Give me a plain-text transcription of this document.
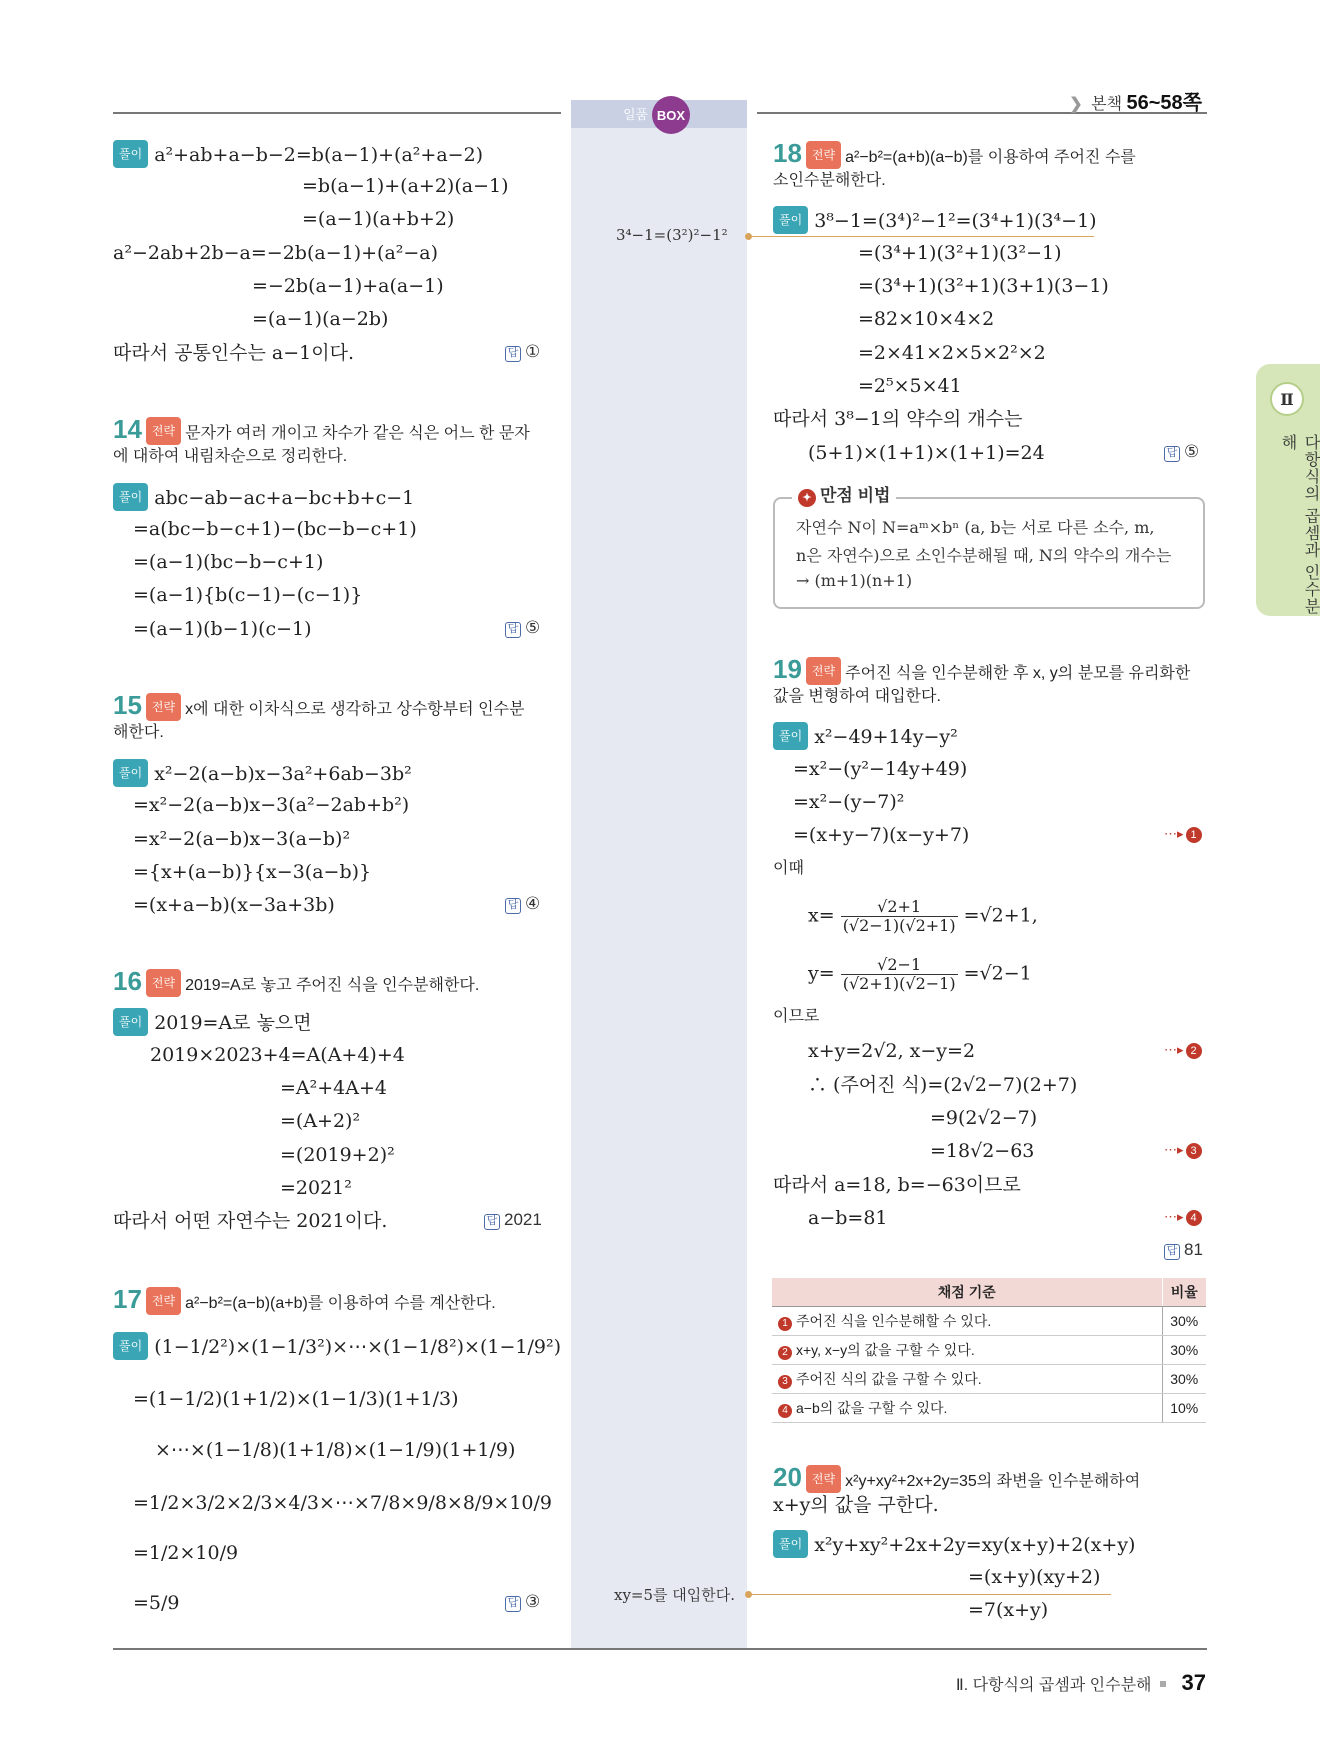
일품 BOX
❯ 본책 56~58쪽
Ⅱ
다항식의 곱셈과 인수분해
풀이 a²+ab+a−b−2=b(a−1)+(a²+a−2)
=b(a−1)+(a+2)(a−1)
=(a−1)(a+b+2)
a²−2ab+2b−a=−2b(a−1)+(a²−a)
=−2b(a−1)+a(a−1)
=(a−1)(a−2b)
따라서 공통인수는 a−1이다.	답 ①
14 전략 문자가 여러 개이고 차수가 같은 식은 어느 한 문자
에 대하여 내림차순으로 정리한다.
풀이 abc−ab−ac+a−bc+b+c−1
=a(bc−b−c+1)−(bc−b−c+1)
=(a−1)(bc−b−c+1)
=(a−1){b(c−1)−(c−1)}
=(a−1)(b−1)(c−1)	답 ⑤
15 전략 x에 대한 이차식으로 생각하고 상수항부터 인수분
해한다.
풀이 x²−2(a−b)x−3a²+6ab−3b²
=x²−2(a−b)x−3(a²−2ab+b²)
=x²−2(a−b)x−3(a−b)²
={x+(a−b)}{x−3(a−b)}
=(x+a−b)(x−3a+3b)	답 ④
16 전략 2019=A로 놓고 주어진 식을 인수분해한다.
풀이 2019=A로 놓으면
2019×2023+4=A(A+4)+4
=A²+4A+4
=(A+2)²
=(2019+2)²
=2021²
따라서 어떤 자연수는 2021이다.	답 2021
17 전략 a²−b²=(a−b)(a+b)를 이용하여 수를 계산한다.
풀이 (1−1/2²)×(1−1/3²)×⋯×(1−1/8²)×(1−1/9²)
=(1−1/2)(1+1/2)×(1−1/3)(1+1/3)
×⋯×(1−1/8)(1+1/8)×(1−1/9)(1+1/9)
=1/2×3/2×2/3×4/3×⋯×7/8×9/8×8/9×10/9
=1/2×10/9
=5/9	답 ③
3⁴−1=(3²)²−1²
xy=5를 대입한다.
18 전략 a²−b²=(a+b)(a−b)를 이용하여 주어진 수를
소인수분해한다.
풀이 3⁸−1=(3⁴)²−1²=(3⁴+1)(3⁴−1)
=(3⁴+1)(3²+1)(3²−1)
=(3⁴+1)(3²+1)(3+1)(3−1)
=82×10×4×2
=2×41×2×5×2²×2
=2⁵×5×41
따라서 3⁸−1의 약수의 개수는
(5+1)×(1+1)×(1+1)=24	답 ⑤
✦ 만점 비법
자연수 N이 N=aᵐ×bⁿ (a, b는 서로 다른 소수, m,
n은 자연수)으로 소인수분해될 때, N의 약수의 개수는
→ (m+1)(n+1)
19 전략 주어진 식을 인수분해한 후 x, y의 분모를 유리화한
값을 변형하여 대입한다.
풀이 x²−49+14y−y²
=x²−(y²−14y+49)
=x²−(y−7)²
=(x+y−7)(x−y+7)	⋯▸ 1
이때
$x= \frac{√2+1}{(√2-1)(√2+1)} =√2+1$,
$y= \frac{√2-1}{(√2+1)(√2-1)} =√2-1$
이므로
x+y=2√2, x−y=2	⋯▸ 2
∴ (주어진 식)=(2√2−7)(2+7)
=9(2√2−7)
=18√2−63	⋯▸ 3
따라서 a=18, b=−63이므로
a−b=81	⋯▸ 4
답 81
채점 기준	비율
1 주어진 식을 인수분해할 수 있다.	30%
2 x+y, x−y의 값을 구할 수 있다.	30%
3 주어진 식의 값을 구할 수 있다.	30%
4 a−b의 값을 구할 수 있다.	10%
20 전략 x²y+xy²+2x+2y=35의 좌변을 인수분해하여
x+y의 값을 구한다.
풀이 x²y+xy²+2x+2y=xy(x+y)+2(x+y)
=(x+y)(xy+2)
=7(x+y)
Ⅱ. 다항식의 곱셈과 인수분해 37
